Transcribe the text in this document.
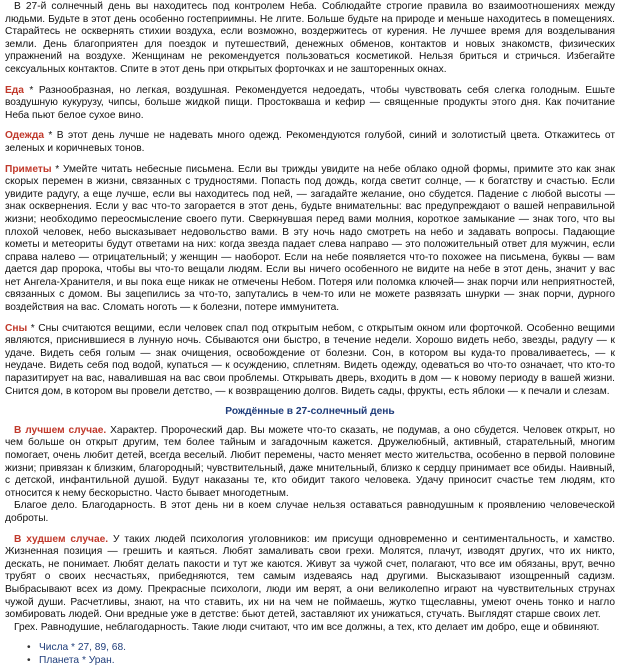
В 27-й солнечный день вы находитесь под контролем Неба. Соблюдайте строгие правила во взаимоотношениях между людьми. Будьте в этот день особенно гостеприимны. Не лгите. Больше будьте на природе и меньше находитесь в помещениях. Старайтесь не осквернять стихии воздуха, если возможно, воздержитесь от курения. Не лучшее время для возделывания земли. День благоприятен для поездок и путешествий, денежных обменов, контактов и новых знакомств, физических упражнений на воздухе. Женщинам не рекомендуется пользоваться косметикой. Нельзя бриться и стричься. Избегайте сексуальных контактов. Спите в этот день при открытых форточках и не зашторенных окнах.

Еда * Разнообразная, но легкая, воздушная. Рекомендуется недоедать, чтобы чувствовать себя слегка голодным. Ешьте воздушную кукурузу, чипсы, больше жидкой пищи. Простокваша и кефир — священные продукты этого дня. Как почитание Неба пьют белое сухое вино.

Одежда * В этот день лучше не надевать много одежд. Рекомендуются голубой, синий и золотистый цвета. Откажитесь от зеленых и коричневых тонов.

Приметы * Умейте читать небесные письмена. Если вы трижды увидите на небе облако одной формы, примите это как знак скорых перемен в жизни, связанных с трудностями. Попасть под дождь, когда светит солнце, — к богатству и счастью. Если увидите радугу, а еще лучше, если вы находитесь под ней, — загадайте желание, оно сбудется. Падение с любой высоты — знак осквернения. Если у вас что-то загорается в этот день, будьте внимательны: вас предупреждают о вашей неправильной жизни; необходимо переосмысление своего пути. Сверкнувшая перед вами молния, короткое замыкание — знак того, что вы плохой человек, небо высказывает недовольство вами. В эту ночь надо смотреть на небо и задавать вопросы. Падающие кометы и метеориты будут ответами на них: когда звезда падает слева направо — это положительный ответ для мужчин, если справа налево — отрицательный; у женщин — наоборот. Если на небе появляется что-то похожее на письмена, буквы — вам дается дар пророка, чтобы вы что-то вещали людям. Если вы ничего особенного не видите на небе в этот день, значит у вас нет Ангела-Хранителя, и вы пока еще никак не отмечены Небом. Потеря или поломка ключей— знак порчи или неприятностей, связанных с домом. Вы зацепились за что-то, запутались в чем-то или не можете развязать шнурки — знак порчи, дурного воздействия на вас. Сломать ноготь — к болезни, потере иммунитета.

Сны * Сны считаются вещими, если человек спал под открытым небом, с открытым окном или форточкой. Особенно вещими являются, приснившиеся в лунную ночь. Сбываются они быстро, в течение недели. Хорошо видеть небо, звезды, радугу — к удаче. Видеть себя голым — знак очищения, освобождение от болезни. Сон, в котором вы куда-то проваливаетесь, — к неудаче. Видеть себя под водой, купаться — к осуждению, сплетням. Видеть одежду, одеваться во что-то означает, что кто-то паразитирует на вас, навалившая на вас свои проблемы. Открывать дверь, входить в дом — к новому периоду в вашей жизни. Снится дом, в котором вы провели детство, — к возвращению долгов. Видеть сады, фрукты, есть яблоки — к печали и слезам.

Рождённые в 27-солнечный день

В лучшем случае. Характер. Пророческий дар. Вы можете что-то сказать, не подумав, а оно сбудется. Человек открыт, но чем больше он открыт другим, тем более тайным и загадочным кажется. Дружелюбный, активный, старательный, многим помогает, очень любит детей, всегда веселый. Любит перемены, часто меняет место жительства, особенно в первой половине жизни; привязан к близким, благородный; чувствительный, даже мнительный, близко к сердцу принимает все обиды. Наивный, с детской, инфантильной душой. Будут наказаны те, кто обидит такого человека. Удачу приносит счастье тем людям, кто относится к нему бескорыстно. Часто бывает многодетным.

Благое дело. Благодарность. В этот день ни в коем случае нельзя оставаться равнодушным к проявлению человеческой доброты.

В худшем случае. У таких людей психология уголовников: им присущи одновременно и сентиментальность, и хамство. Жизненная позиция — грешить и каяться. Любят замаливать свои грехи. Молятся, плачут, изводят других, что их никто, дескать, не понимает. Любят делать пакости и тут же каются. Живут за чужой счет, полагают, что все им обязаны, врут, вечно трубят о своих несчастьях, прибедняются, тем самым издеваясь над другими. Высказывают изощренный садизм. Выбрасывают всех из дому. Прекрасные психологи, люди им верят, а они великолепно играют на чувствительных струнах чужой души. Расчетливы, знают, на что ставить, их ни на чем не поймаешь, жутко тщеславны, умеют очень тонко и нагло зомбировать людей. Они вредные уже в детстве: бьют детей, заставляют их унижаться, стучать. Выглядят старше своих лет.

Грех. Равнодушие, неблагодарность. Такие люди считают, что им все должны, а тех, кто делает им добро, еще и обвиняют.

• Числа * 27, 89, 68.
• Планета * Уран.
